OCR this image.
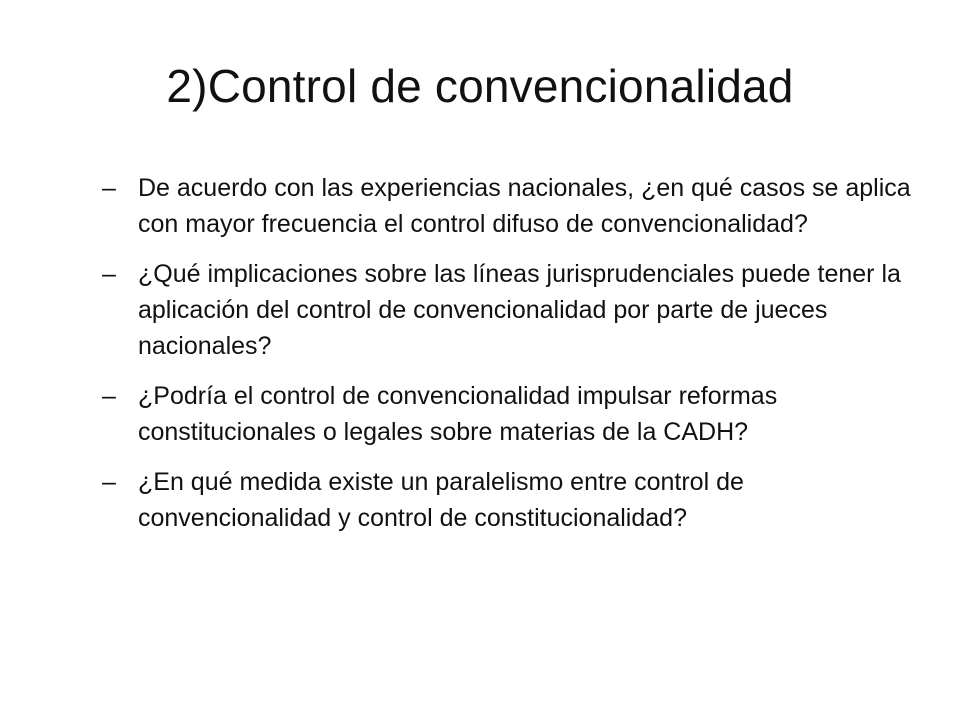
2)Control de convencionalidad
– De acuerdo con las experiencias nacionales, ¿en qué casos se aplica con mayor frecuencia el control difuso de convencionalidad?
– ¿Qué implicaciones sobre las líneas jurisprudenciales puede tener la aplicación del control de convencionalidad por parte de jueces nacionales?
– ¿Podría el control de convencionalidad impulsar reformas constitucionales o legales sobre materias de la CADH?
– ¿En qué medida existe un paralelismo entre control de convencionalidad y control de constitucionalidad?
